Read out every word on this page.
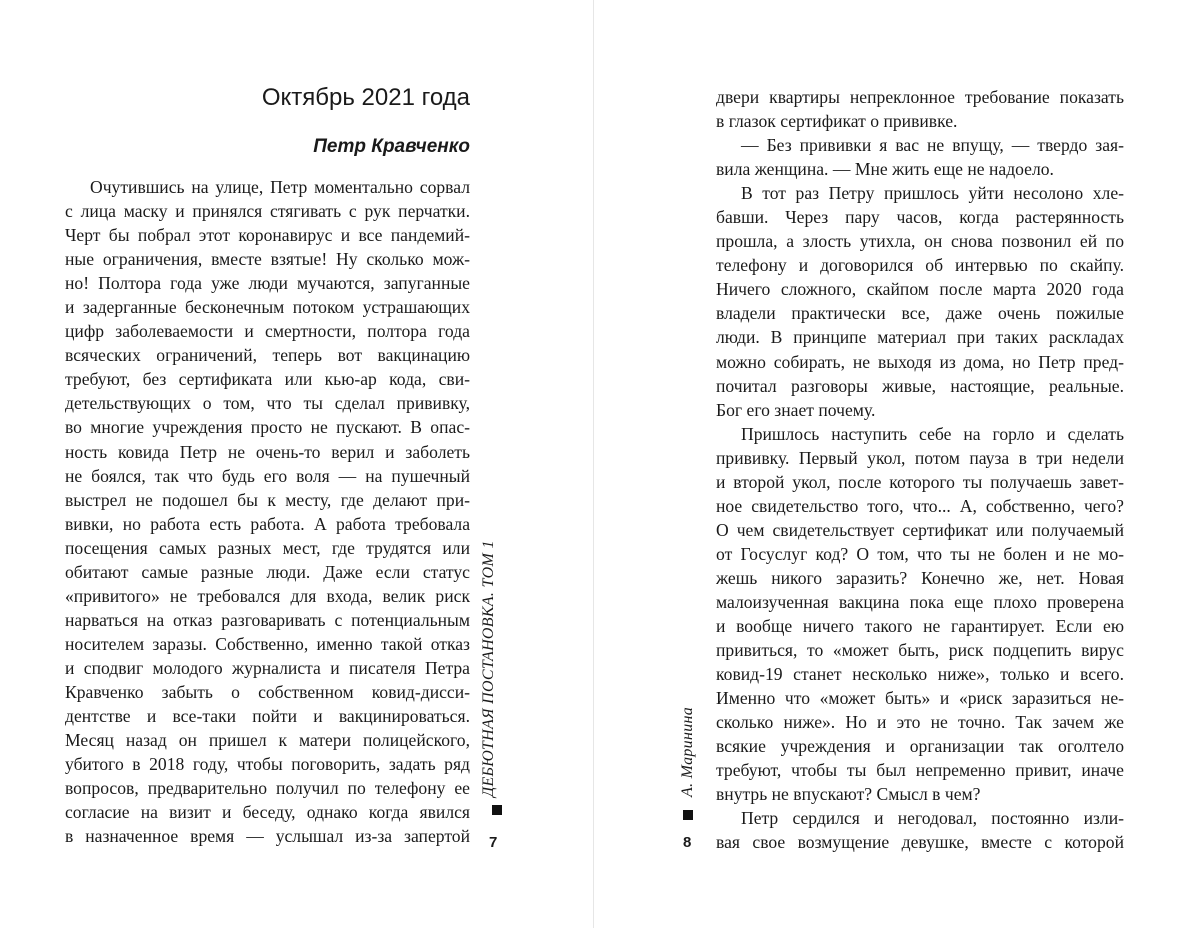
Октябрь 2021 года
Петр Кравченко
Очутившись на улице, Петр моментально сорвал
с лица маску и принялся стягивать с рук перчатки.
Черт бы побрал этот коронавирус и все пандемий-
ные ограничения, вместе взятые! Ну сколько мож-
но! Полтора года уже люди мучаются, запуганные
и задерганные бесконечным потоком устрашающих
цифр заболеваемости и смертности, полтора года
всяческих ограничений, теперь вот вакцинацию
требуют, без сертификата или кью-ар кода, сви-
детельствующих о том, что ты сделал прививку,
во многие учреждения просто не пускают. В опас-
ность ковида Петр не очень-то верил и заболеть
не боялся, так что будь его воля — на пушечный
выстрел не подошел бы к месту, где делают при-
вивки, но работа есть работа. А работа требовала
посещения самых разных мест, где трудятся или
обитают самые разные люди. Даже если статус
«привитого» не требовался для входа, велик риск
нарваться на отказ разговаривать с потенциальным
носителем заразы. Собственно, именно такой отказ
и сподвиг молодого журналиста и писателя Петра
Кравченко забыть о собственном ковид-дисси-
дентстве и все-таки пойти и вакцинироваться.
Месяц назад он пришел к матери полицейского,
убитого в 2018 году, чтобы поговорить, задать ряд
вопросов, предварительно получил по телефону ее
согласие на визит и беседу, однако когда явился
в назначенное время — услышал из-за запертой
двери квартиры непреклонное требование показать
в глазок сертификат о прививке.
— Без прививки я вас не впущу, — твердо зая-
вила женщина. — Мне жить еще не надоело.
В тот раз Петру пришлось уйти несолоно хле-
бавши. Через пару часов, когда растерянность
прошла, а злость утихла, он снова позвонил ей по
телефону и договорился об интервью по скайпу.
Ничего сложного, скайпом после марта 2020 года
владели практически все, даже очень пожилые
люди. В принципе материал при таких раскладах
можно собирать, не выходя из дома, но Петр пред-
почитал разговоры живые, настоящие, реальные.
Бог его знает почему.
Пришлось наступить себе на горло и сделать
прививку. Первый укол, потом пауза в три недели
и второй укол, после которого ты получаешь завет-
ное свидетельство того, что... А, собственно, чего?
О чем свидетельствует сертификат или получаемый
от Госуслуг код? О том, что ты не болен и не мо-
жешь никого заразить? Конечно же, нет. Новая
малоизученная вакцина пока еще плохо проверена
и вообще ничего такого не гарантирует. Если ею
привиться, то «может быть, риск подцепить вирус
ковид-19 станет несколько ниже», только и всего.
Именно что «может быть» и «риск заразиться не-
сколько ниже». Но и это не точно. Так зачем же
всякие учреждения и организации так оголтело
требуют, чтобы ты был непременно привит, иначе
внутрь не впускают? Смысл в чем?
Петр сердился и негодовал, постоянно изли-
вая свое возмущение девушке, вместе с которой
ДЕБЮТНАЯ ПОСТАНОВКА. ТОМ 1
7
А. Маринина
8
